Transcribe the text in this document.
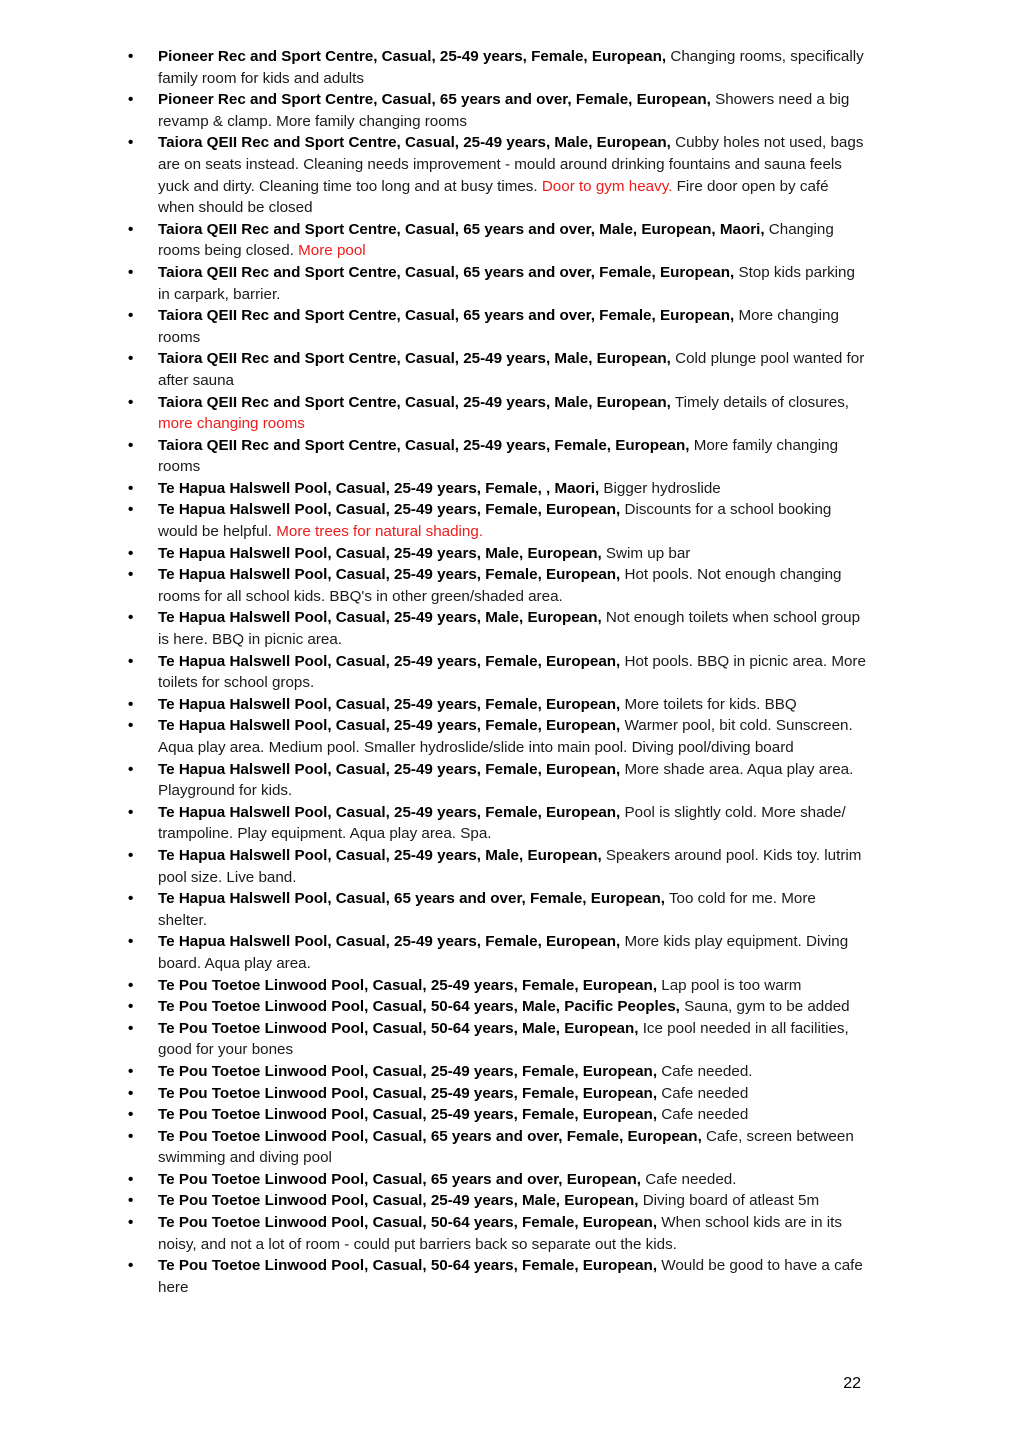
• Pioneer Rec and Sport Centre, Casual, 25-49 years, Female, European, Changing rooms, specifically family room for kids and adults
• Pioneer Rec and Sport Centre, Casual, 65 years and over, Female, European, Showers need a big revamp & clamp. More family changing rooms
• Taiora QEII Rec and Sport Centre, Casual, 25-49 years, Male, European, Cubby holes not used, bags are on seats instead. Cleaning needs improvement - mould around drinking fountains and sauna feels yuck and dirty. Cleaning time too long and at busy times. Door to gym heavy. Fire door open by café when should be closed
• Taiora QEII Rec and Sport Centre, Casual, 65 years and over, Male, European, Maori, Changing rooms being closed. More pool
• Taiora QEII Rec and Sport Centre, Casual, 65 years and over, Female, European, Stop kids parking in carpark, barrier.
• Taiora QEII Rec and Sport Centre, Casual, 65 years and over, Female, European, More changing rooms
• Taiora QEII Rec and Sport Centre, Casual, 25-49 years, Male, European, Cold plunge pool wanted for after sauna
• Taiora QEII Rec and Sport Centre, Casual, 25-49 years, Male, European, Timely details of closures, more changing rooms
• Taiora QEII Rec and Sport Centre, Casual, 25-49 years, Female, European, More family changing rooms
• Te Hapua Halswell Pool, Casual, 25-49 years, Female, , Maori, Bigger hydroslide
• Te Hapua Halswell Pool, Casual, 25-49 years, Female, European, Discounts for a school booking would be helpful. More trees for natural shading.
• Te Hapua Halswell Pool, Casual, 25-49 years, Male, European, Swim up bar
• Te Hapua Halswell Pool, Casual, 25-49 years, Female, European, Hot pools. Not enough changing rooms for all school kids. BBQ's in other green/shaded area.
• Te Hapua Halswell Pool, Casual, 25-49 years, Male, European, Not enough toilets when school group is here. BBQ in picnic area.
• Te Hapua Halswell Pool, Casual, 25-49 years, Female, European, Hot pools. BBQ in picnic area. More toilets for school grops.
• Te Hapua Halswell Pool, Casual, 25-49 years, Female, European, More toilets for kids. BBQ
• Te Hapua Halswell Pool, Casual, 25-49 years, Female, European, Warmer pool, bit cold. Sunscreen. Aqua play area. Medium pool. Smaller hydroslide/slide into main pool. Diving pool/diving board
• Te Hapua Halswell Pool, Casual, 25-49 years, Female, European, More shade area. Aqua play area. Playground for kids.
• Te Hapua Halswell Pool, Casual, 25-49 years, Female, European, Pool is slightly cold. More shade/ trampoline. Play equipment. Aqua play area. Spa.
• Te Hapua Halswell Pool, Casual, 25-49 years, Male, European, Speakers around pool. Kids toy. lutrim pool size. Live band.
• Te Hapua Halswell Pool, Casual, 65 years and over, Female, European, Too cold for me. More shelter.
• Te Hapua Halswell Pool, Casual, 25-49 years, Female, European, More kids play equipment. Diving board. Aqua play area.
• Te Pou Toetoe Linwood Pool, Casual, 25-49 years, Female, European, Lap pool is too warm
• Te Pou Toetoe Linwood Pool, Casual, 50-64 years, Male, Pacific Peoples, Sauna, gym to be added
• Te Pou Toetoe Linwood Pool, Casual, 50-64 years, Male, European, Ice pool needed in all facilities, good for your bones
• Te Pou Toetoe Linwood Pool, Casual, 25-49 years, Female, European, Cafe needed.
• Te Pou Toetoe Linwood Pool, Casual, 25-49 years, Female, European, Cafe needed
• Te Pou Toetoe Linwood Pool, Casual, 25-49 years, Female, European, Cafe needed
• Te Pou Toetoe Linwood Pool, Casual, 65 years and over, Female, European, Cafe, screen between swimming and diving pool
• Te Pou Toetoe Linwood Pool, Casual, 65 years and over, European, Cafe needed.
• Te Pou Toetoe Linwood Pool, Casual, 25-49 years, Male, European, Diving board of atleast 5m
• Te Pou Toetoe Linwood Pool, Casual, 50-64 years, Female, European, When school kids are in its noisy, and not a lot of room - could put barriers back so separate out the kids.
• Te Pou Toetoe Linwood Pool, Casual, 50-64 years, Female, European, Would be good to have a cafe here
22
